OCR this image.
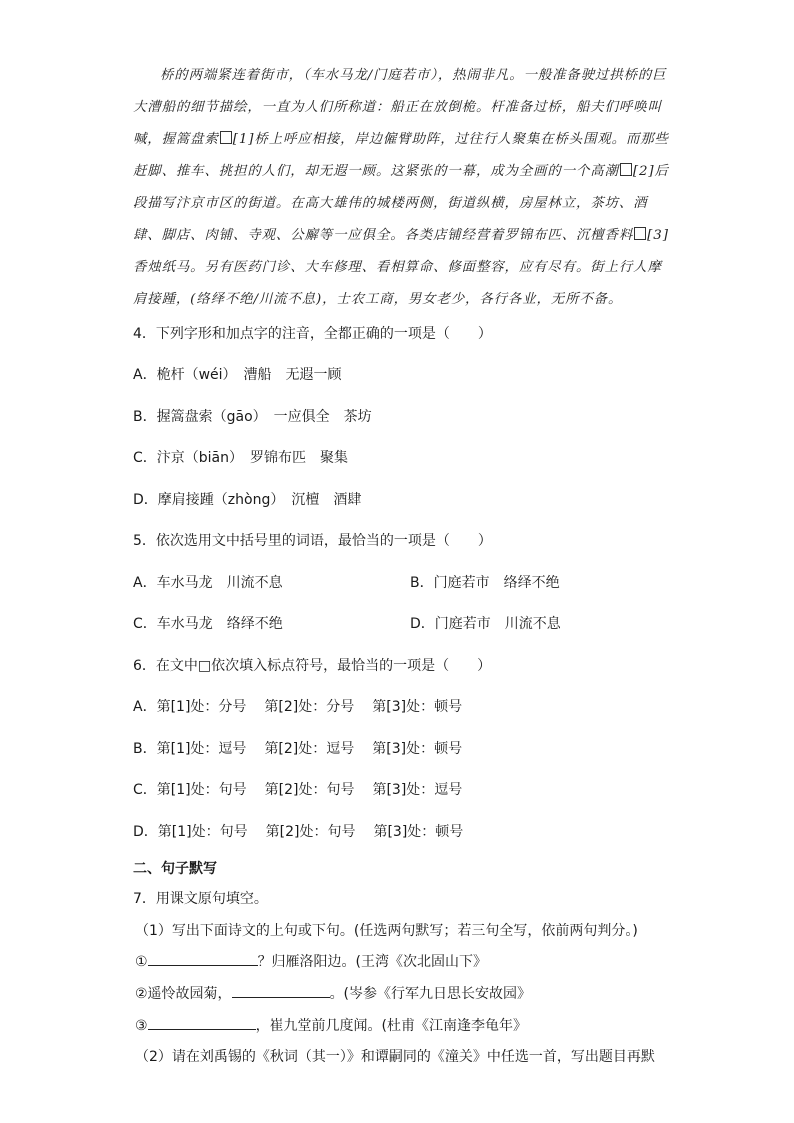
桥的两端紧连着街市，（车水马龙/门庭若市），热闹非凡。一般准备驶过拱桥的巨
大漕船的细节描绘，一直为人们所称道：船正在放倒桅。杆准备过桥，船夫们呼唤叫
喊，握篙盘索 [1]桥上呼应相接，岸边僱臂助阵，过往行人聚集在桥头围观。而那些
赶脚、推车、挑担的人们，却无遐一顾。这紧张的一幕，成为全画的一个高潮 [2]后
段描写汴京市区的街道。在高大雄伟的城楼两侧，街道纵横，房屋林立，茶坊、酒
肆、脚店、肉铺、寺观、公廨等一应俱全。各类店铺经营着罗锦布匹、沉檀香料 [3]
香烛纸马。另有医药门诊、大车修理、看相算命、修面整容，应有尽有。街上行人摩
肩接踵，(络绎不绝/川流不息)，士农工商，男女老少，各行各业，无所不备。
4．下列字形和加点字的注音，全都正确的一项是（　　）
A．桅杆（wéi）　漕船　无遐一顾
B．握篙盘索（gāo）　一应俱全　茶坊
C．汴京（biān）　罗锦布匹　聚集
D．摩肩接踵（zhòng）　沉檀　酒肆
5．依次选用文中括号里的词语，最恰当的一项是（　　）
A．车水马龙　川流不息	B．门庭若市　络绎不绝
C．车水马龙　络绎不绝	D．门庭若市　川流不息
6．在文中□依次填入标点符号，最恰当的一项是（　　）
A．第[1]处：分号 第[2]处：分号 第[3]处：顿号
B．第[1]处：逗号 第[2]处：逗号 第[3]处：顿号
C．第[1]处：句号 第[2]处：句号 第[3]处：逗号
D．第[1]处：句号 第[2]处：句号 第[3]处：顿号
二、句子默写
7．用课文原句填空。
（1）写出下面诗文的上句或下句。(任选两句默写；若三句全写，依前两句判分。)
①	？归雁洛阳边。(王湾《次北固山下》
②遥怜故园菊，	。(岑参《行军九日思长安故园》
③	，崔九堂前几度闻。(杜甫《江南逢李龟年》
（2）请在刘禹锡的《秋词（其一）》和谭嗣同的《潼关》中任选一首，写出题目再默
